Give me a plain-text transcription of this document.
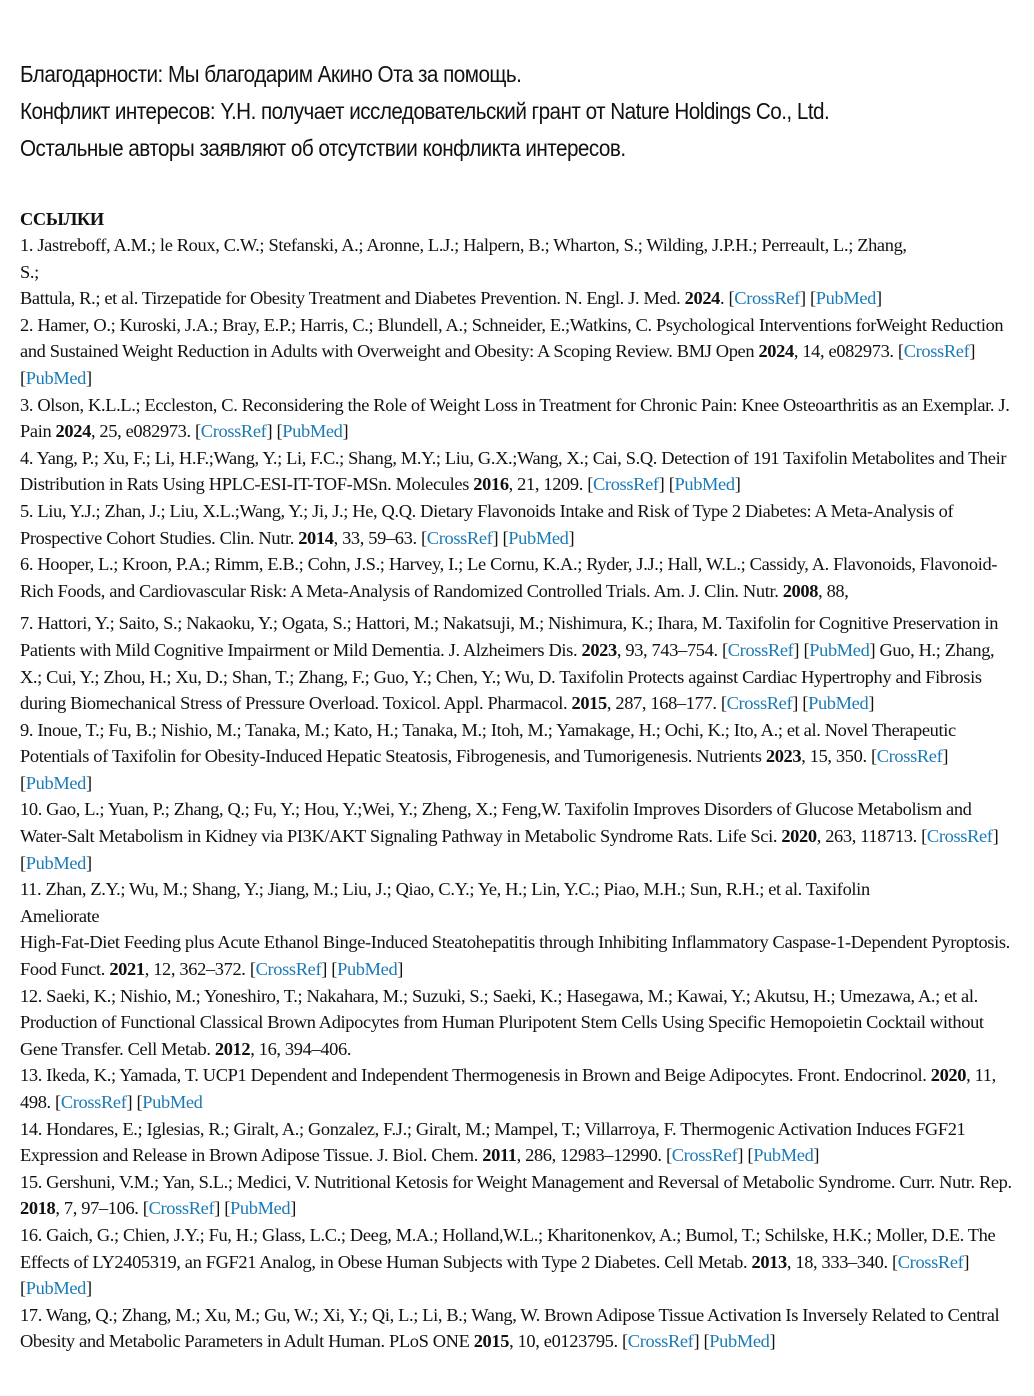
Благодарности: Мы благодарим Акино Ота за помощь.

Конфликт интересов: Y.H. получает исследовательский грант от Nature Holdings Co., Ltd.

Остальные авторы заявляют об отсутствии конфликта интересов.

ССЫЛКИ

1. Jastreboff, A.M.; le Roux, C.W.; Stefanski, A.; Aronne, L.J.; Halpern, B.; Wharton, S.; Wilding, J.P.H.; Perreault, L.; Zhang,
S.;
Battula, R.; et al. Tirzepatide for Obesity Treatment and Diabetes Prevention. N. Engl. J. Med. 2024. [CrossRef] [PubMed]

2. Hamer, O.; Kuroski, J.A.; Bray, E.P.; Harris, C.; Blundell, A.; Schneider, E.;Watkins, C. Psychological Interventions forWeight Reduction and Sustained Weight Reduction in Adults with Overweight and Obesity: A Scoping Review. BMJ Open 2024, 14, e082973. [CrossRef] [PubMed]

3. Olson, K.L.L.; Eccleston, C. Reconsidering the Role of Weight Loss in Treatment for Chronic Pain: Knee Osteoarthritis as an Exemplar. J. Pain 2024, 25, e082973. [CrossRef] [PubMed]

4. Yang, P.; Xu, F.; Li, H.F.;Wang, Y.; Li, F.C.; Shang, M.Y.; Liu, G.X.;Wang, X.; Cai, S.Q. Detection of 191 Taxifolin Metabolites and Their Distribution in Rats Using HPLC-ESI-IT-TOF-MSn. Molecules 2016, 21, 1209. [CrossRef] [PubMed]

5. Liu, Y.J.; Zhan, J.; Liu, X.L.;Wang, Y.; Ji, J.; He, Q.Q. Dietary Flavonoids Intake and Risk of Type 2 Diabetes: A Meta-Analysis of Prospective Cohort Studies. Clin. Nutr. 2014, 33, 59–63. [CrossRef] [PubMed]

6. Hooper, L.; Kroon, P.A.; Rimm, E.B.; Cohn, J.S.; Harvey, I.; Le Cornu, K.A.; Ryder, J.J.; Hall, W.L.; Cassidy, A. Flavonoids, Flavonoid-Rich Foods, and Cardiovascular Risk: A Meta-Analysis of Randomized Controlled Trials. Am. J. Clin. Nutr. 2008, 88,

7. Hattori, Y.; Saito, S.; Nakaoku, Y.; Ogata, S.; Hattori, M.; Nakatsuji, M.; Nishimura, K.; Ihara, M. Taxifolin for Cognitive Preservation in Patients with Mild Cognitive Impairment or Mild Dementia. J. Alzheimers Dis. 2023, 93, 743–754. [CrossRef] [PubMed] Guo, H.; Zhang, X.; Cui, Y.; Zhou, H.; Xu, D.; Shan, T.; Zhang, F.; Guo, Y.; Chen, Y.; Wu, D. Taxifolin Protects against Cardiac Hypertrophy and Fibrosis during Biomechanical Stress of Pressure Overload. Toxicol. Appl. Pharmacol. 2015, 287, 168–177. [CrossRef] [PubMed]

9. Inoue, T.; Fu, B.; Nishio, M.; Tanaka, M.; Kato, H.; Tanaka, M.; Itoh, M.; Yamakage, H.; Ochi, K.; Ito, A.; et al. Novel Therapeutic Potentials of Taxifolin for Obesity-Induced Hepatic Steatosis, Fibrogenesis, and Tumorigenesis. Nutrients 2023, 15, 350. [CrossRef] [PubMed]

10. Gao, L.; Yuan, P.; Zhang, Q.; Fu, Y.; Hou, Y.;Wei, Y.; Zheng, X.; Feng,W. Taxifolin Improves Disorders of Glucose Metabolism and Water-Salt Metabolism in Kidney via PI3K/AKT Signaling Pathway in Metabolic Syndrome Rats. Life Sci. 2020, 263, 118713. [CrossRef] [PubMed]

11. Zhan, Z.Y.; Wu, M.; Shang, Y.; Jiang, M.; Liu, J.; Qiao, C.Y.; Ye, H.; Lin, Y.C.; Piao, M.H.; Sun, R.H.; et al. Taxifolin
Ameliorate
High-Fat-Diet Feeding plus Acute Ethanol Binge-Induced Steatohepatitis through Inhibiting Inflammatory Caspase-1-Dependent Pyroptosis. Food Funct. 2021, 12, 362–372. [CrossRef] [PubMed]

12. Saeki, K.; Nishio, M.; Yoneshiro, T.; Nakahara, M.; Suzuki, S.; Saeki, K.; Hasegawa, M.; Kawai, Y.; Akutsu, H.; Umezawa, A.; et al. Production of Functional Classical Brown Adipocytes from Human Pluripotent Stem Cells Using Specific Hemopoietin Cocktail without Gene Transfer. Cell Metab. 2012, 16, 394–406.

13. Ikeda, K.; Yamada, T. UCP1 Dependent and Independent Thermogenesis in Brown and Beige Adipocytes. Front. Endocrinol. 2020, 11, 498. [CrossRef] [PubMed

14. Hondares, E.; Iglesias, R.; Giralt, A.; Gonzalez, F.J.; Giralt, M.; Mampel, T.; Villarroya, F. Thermogenic Activation Induces FGF21 Expression and Release in Brown Adipose Tissue. J. Biol. Chem. 2011, 286, 12983–12990. [CrossRef] [PubMed]

15. Gershuni, V.M.; Yan, S.L.; Medici, V. Nutritional Ketosis for Weight Management and Reversal of Metabolic Syndrome. Curr. Nutr. Rep. 2018, 7, 97–106. [CrossRef] [PubMed]

16. Gaich, G.; Chien, J.Y.; Fu, H.; Glass, L.C.; Deeg, M.A.; Holland,W.L.; Kharitonenkov, A.; Bumol, T.; Schilske, H.K.; Moller, D.E. The Effects of LY2405319, an FGF21 Analog, in Obese Human Subjects with Type 2 Diabetes. Cell Metab. 2013, 18, 333–340. [CrossRef] [PubMed]

17. Wang, Q.; Zhang, M.; Xu, M.; Gu, W.; Xi, Y.; Qi, L.; Li, B.; Wang, W. Brown Adipose Tissue Activation Is Inversely Related to Central Obesity and Metabolic Parameters in Adult Human. PLoS ONE 2015, 10, e0123795. [CrossRef] [PubMed]
